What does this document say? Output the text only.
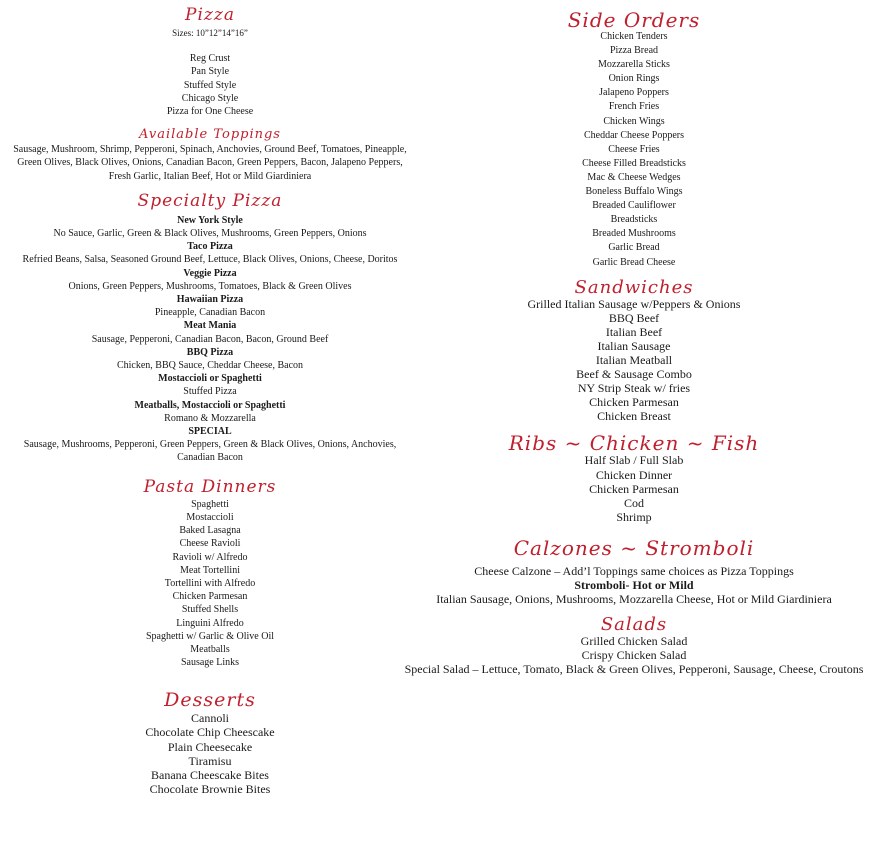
Pizza
Sizes: 10”12”14”16”
Reg Crust
Pan Style
Stuffed Style
Chicago Style
Pizza for One Cheese
Available Toppings
Sausage, Mushroom, Shrimp, Pepperoni, Spinach, Anchovies, Ground Beef, Tomatoes, Pineapple,
Green Olives, Black Olives, Onions, Canadian Bacon, Green Peppers, Bacon, Jalapeno Peppers,
Fresh Garlic, Italian Beef, Hot or Mild Giardiniera
Specialty Pizza
New York Style
No Sauce, Garlic, Green & Black Olives, Mushrooms, Green Peppers, Onions
Taco Pizza
Refried Beans, Salsa, Seasoned Ground Beef, Lettuce, Black Olives, Onions, Cheese, Doritos
Veggie Pizza
Onions, Green Peppers, Mushrooms, Tomatoes, Black & Green Olives
Hawaiian Pizza
Pineapple, Canadian Bacon
Meat Mania
Sausage, Pepperoni, Canadian Bacon, Bacon, Ground Beef
BBQ Pizza
Chicken, BBQ Sauce, Cheddar Cheese, Bacon
Mostaccioli or Spaghetti
Stuffed Pizza
Meatballs, Mostaccioli or Spaghetti
Romano & Mozzarella
SPECIAL
Sausage, Mushrooms, Pepperoni, Green Peppers, Green & Black Olives, Onions, Anchovies,
Canadian Bacon
Pasta Dinners
Spaghetti
Mostaccioli
Baked Lasagna
Cheese Ravioli
Ravioli w/ Alfredo
Meat Tortellini
Tortellini with Alfredo
Chicken Parmesan
Stuffed Shells
Linguini Alfredo
Spaghetti w/ Garlic & Olive Oil
Meatballs
Sausage Links
Desserts
Cannoli
Chocolate Chip Cheescake
Plain Cheesecake
Tiramisu
Banana Cheescake Bites
Chocolate Brownie Bites
Side Orders
Chicken Tenders
Pizza Bread
Mozzarella Sticks
Onion Rings
Jalapeno Poppers
French Fries
Chicken Wings
Cheddar Cheese Poppers
Cheese Fries
Cheese Filled Breadsticks
Mac & Cheese Wedges
Boneless Buffalo Wings
Breaded Cauliflower
Breadsticks
Breaded Mushrooms
Garlic Bread
Garlic Bread Cheese
Sandwiches
Grilled Italian Sausage w/Peppers & Onions
BBQ Beef
Italian Beef
Italian Sausage
Italian Meatball
Beef & Sausage Combo
NY Strip Steak w/ fries
Chicken Parmesan
Chicken Breast
Ribs ~ Chicken ~ Fish
Half Slab / Full Slab
Chicken Dinner
Chicken Parmesan
Cod
Shrimp
Calzones ~ Stromboli
Cheese Calzone – Add’l Toppings same choices as Pizza Toppings
Stromboli- Hot or Mild
Italian Sausage, Onions, Mushrooms, Mozzarella Cheese, Hot or Mild Giardiniera
Salads
Grilled Chicken Salad
Crispy Chicken Salad
Special Salad – Lettuce, Tomato, Black & Green Olives, Pepperoni, Sausage, Cheese, Croutons
